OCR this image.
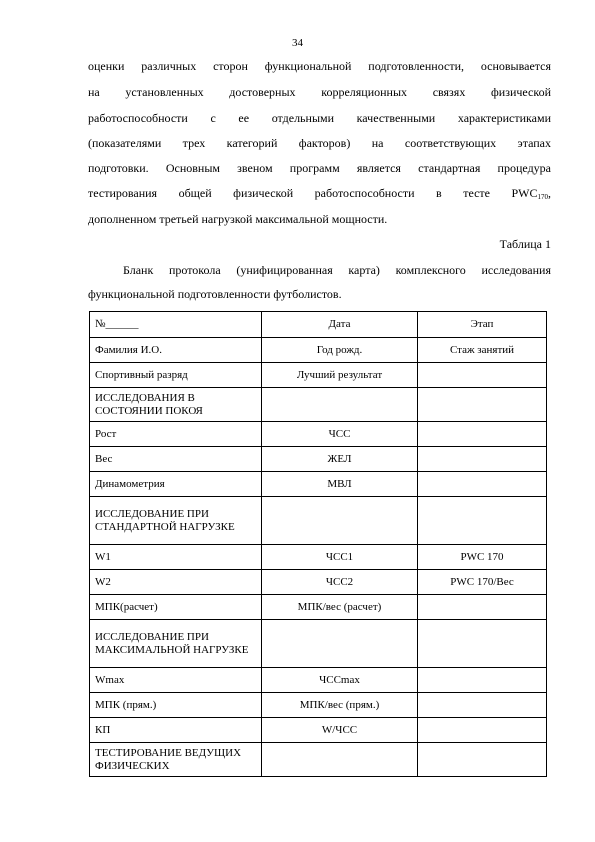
34
оценки различных сторон функциональной подготовленности, основывается
на установленных достоверных корреляционных связях физической
работоспособности с ее отдельными качественными характеристиками
(показателями трех категорий факторов) на соответствующих этапах
подготовки. Основным звеном программ является стандартная процедура
тестирования общей физической работоспособности в тесте $PWC_{170}$,
дополненном третьей нагрузкой максимальной мощности.
Таблица 1
Бланк протокола (унифицированная карта) комплексного исследования
функциональной подготовленности футболистов.
№______	Дата	Этап
Фамилия И.О.	Год рожд.	Стаж занятий
Спортивный разряд	Лучший результат	
ИССЛЕДОВАНИЯ В СОСТОЯНИИ ПОКОЯ		
Рост	ЧСС	
Вес	ЖЕЛ	
Динамометрия	МВЛ	
ИССЛЕДОВАНИЕ ПРИ СТАНДАРТНОЙ НАГРУЗКЕ		
W1	ЧСС1	PWC 170
W2	ЧСС2	PWC 170/Вес
МПК(расчет)	МПК/вес (расчет)	
ИССЛЕДОВАНИЕ ПРИ МАКСИМАЛЬНОЙ НАГРУЗКЕ		
Wmax	ЧССmax	
МПК (прям.)	МПК/вес (прям.)	
КП	W/ЧСС	
ТЕСТИРОВАНИЕ ВЕДУЩИХ ФИЗИЧЕСКИХ		
